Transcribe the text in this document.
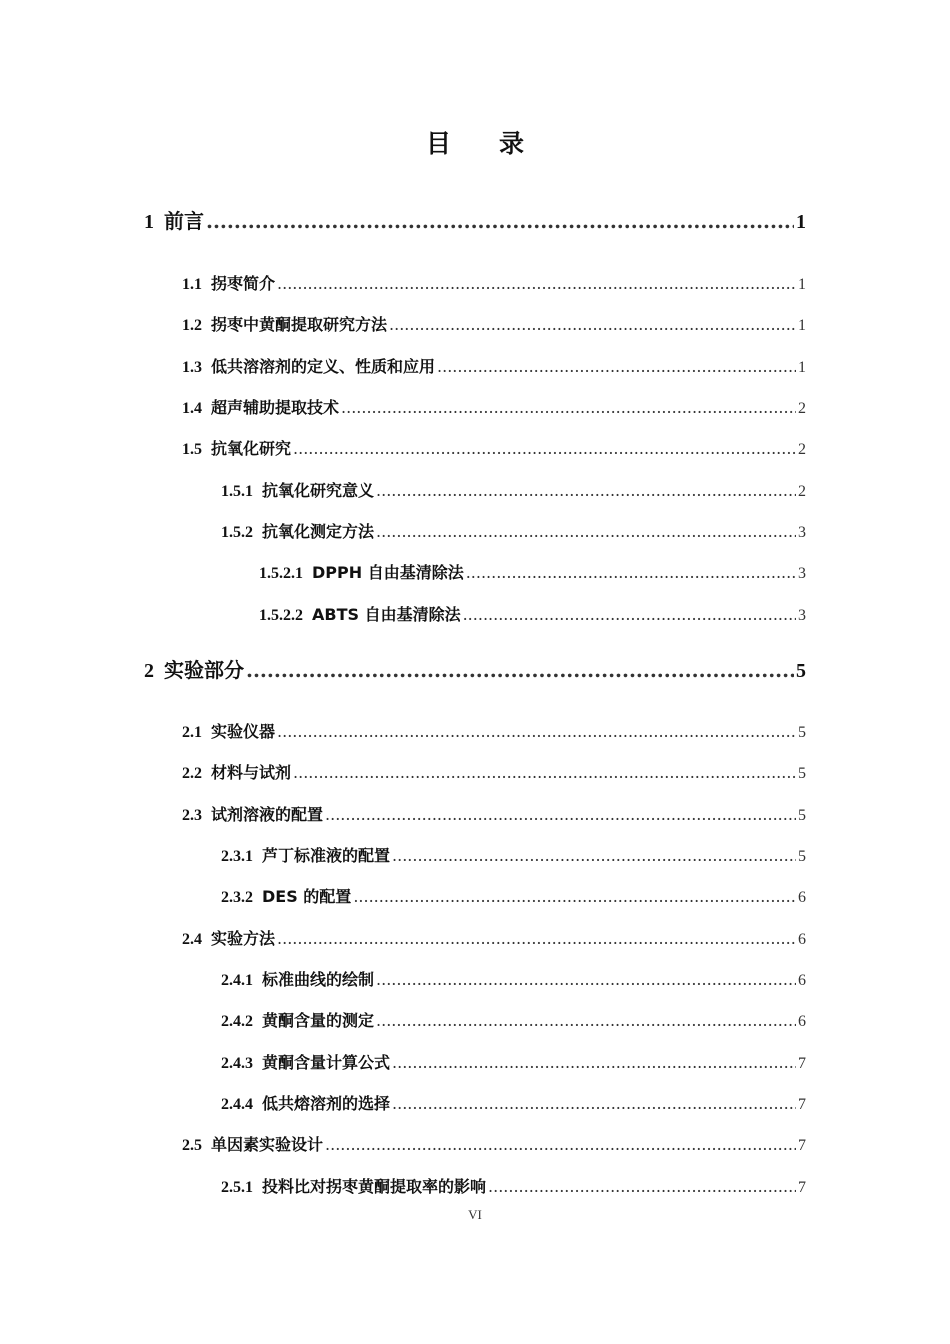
目 录
1 前言 .....	1
1.1 拐枣简介 .....	1
1.2 拐枣中黄酮提取研究方法 .....	1
1.3 低共溶溶剂的定义、性质和应用 .....	1
1.4 超声辅助提取技术 .....	2
1.5 抗氧化研究 .....	2
1.5.1 抗氧化研究意义 .....	2
1.5.2 抗氧化测定方法 .....	3
1.5.2.1 DPPH 自由基清除法 .....	3
1.5.2.2 ABTS 自由基清除法 .....	3
2 实验部分 .....	5
2.1 实验仪器 .....	5
2.2 材料与试剂 .....	5
2.3 试剂溶液的配置 .....	5
2.3.1 芦丁标准液的配置 .....	5
2.3.2 DES 的配置 .....	6
2.4 实验方法 .....	6
2.4.1 标准曲线的绘制 .....	6
2.4.2 黄酮含量的测定 .....	6
2.4.3 黄酮含量计算公式 .....	7
2.4.4 低共熔溶剂的选择 .....	7
2.5 单因素实验设计 .....	7
2.5.1 投料比对拐枣黄酮提取率的影响 .....	7
VI
